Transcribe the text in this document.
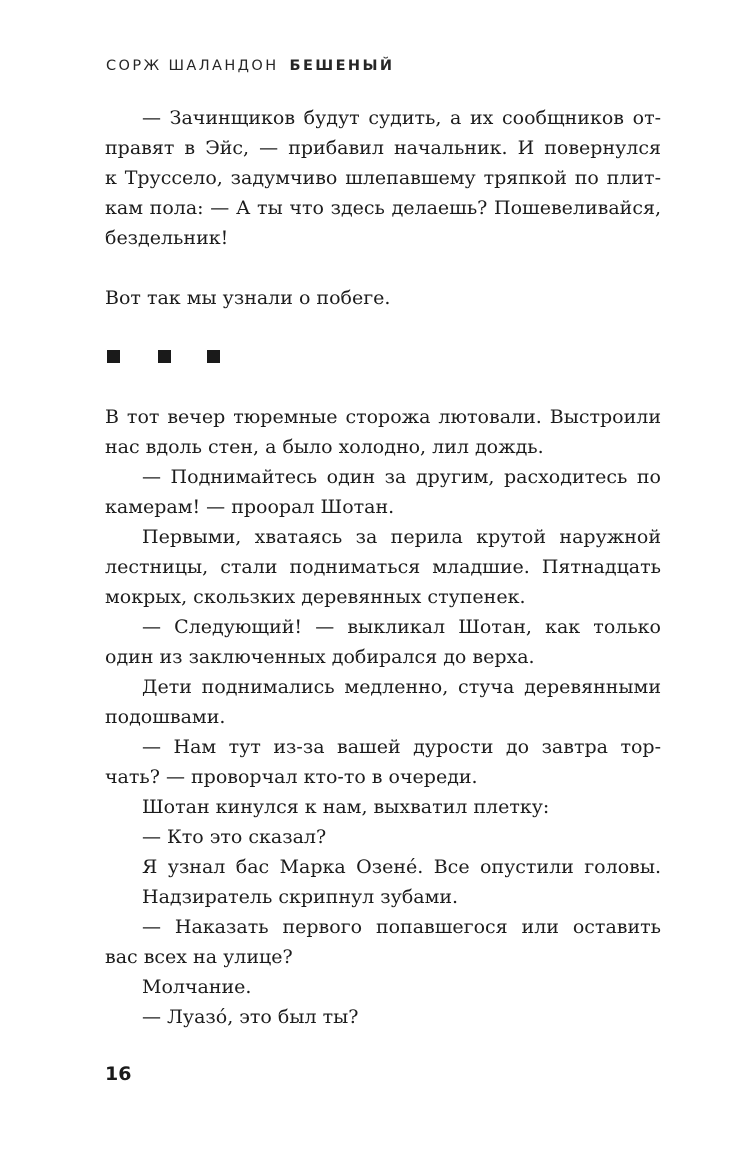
СОРЖ ШАЛАНДОН БЕШЕНЫЙ
— Зачинщиков будут судить, а их сообщников от-
правят в Эйс, — прибавил начальник. И повернулся
к Труссело, задумчиво шлепавшему тряпкой по плит-
кам пола: — А ты что здесь делаешь? Пошевеливайся,
бездельник!
Вот так мы узнали о побеге.
В тот вечер тюремные сторожа лютовали. Выстроили
нас вдоль стен, а было холодно, лил дождь.
— Поднимайтесь один за другим, расходитесь по
камерам! — проорал Шотан.
Первыми, хватаясь за перила крутой наружной
лестницы, стали подниматься младшие. Пятнадцать
мокрых, скользких деревянных ступенек.
— Следующий! — выкликал Шотан, как только
один из заключенных добирался до верха.
Дети поднимались медленно, стуча деревянными
подошвами.
— Нам тут из-за вашей дурости до завтра тор-
чать? — проворчал кто-то в очереди.
Шотан кинулся к нам, выхватил плетку:
— Кто это сказал?
Я узнал бас Марка Озене́. Все опустили головы.
Надзиратель скрипнул зубами.
— Наказать первого попавшегося или оставить
вас всех на улице?
Молчание.
— Луазо́, это был ты?
16
